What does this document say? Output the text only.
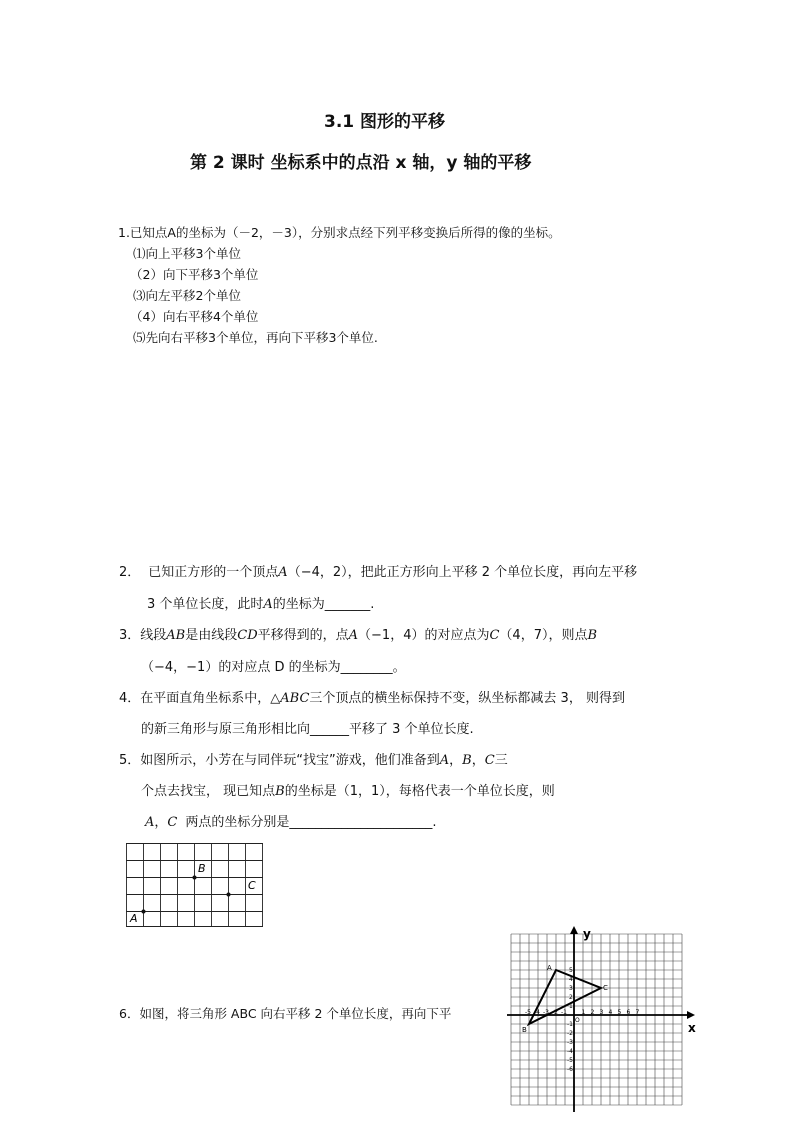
3.1 图形的平移
第 2 课时 坐标系中的点沿 x 轴，y 轴的平移
1.已知点A的坐标为（－2，－3），分别求点经下列平移变换后所得的像的坐标。
⑴向上平移3个单位
（2）向下平移3个单位
⑶向左平移2个单位
（4）向右平移4个单位
⑸先向右平移3个单位，再向下平移3个单位.
2． 已知正方形的一个顶点A（−4，2），把此正方形向上平移 2 个单位长度，再向左平移
3 个单位长度，此时A的坐标为_______.
3．线段AB是由线段CD平移得到的，点A（−1，4）的对应点为C（4，7），则点B
（−4，−1）的对应点 D 的坐标为________。
4．在平面直角坐标系中，△ABC三个顶点的横坐标保持不变，纵坐标都减去 3， 则得到
的新三角形与原三角形相比向______平移了 3 个单位长度.
5．如图所示，小芳在与同伴玩“找宝”游戏，他们准备到A，B，C三
个点去找宝， 现已知点B的坐标是（1，1），每格代表一个单位长度，则
A，C 两点的坐标分别是______________________.
A
B
C
6．如图，将三角形 ABC 向右平移 2 个单位长度，再向下平
x
y
O
-5 -4 -3 -2 -1 1 2 3 4 5 6 7
1
2
3
4
5
-1
-2
-3
-4
-5
-6
A
B
C
